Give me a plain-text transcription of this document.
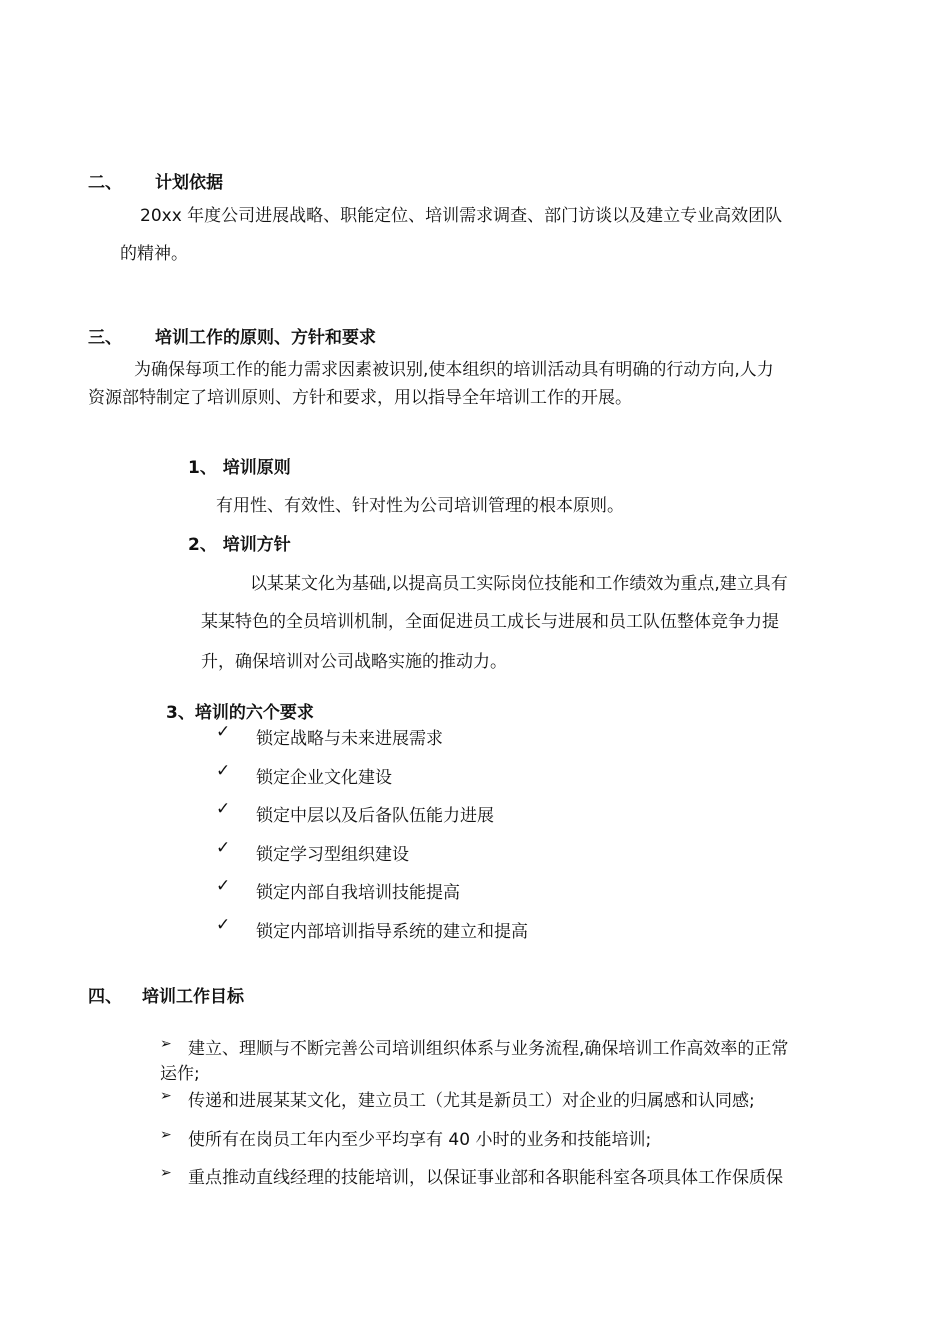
二、 计划依据
20xx 年度公司进展战略、职能定位、培训需求调查、部门访谈以及建立专业高效团队
的精神。
三、 培训工作的原则、方针和要求
为确保每项工作的能力需求因素被识别,使本组织的培训活动具有明确的行动方向,人力
资源部特制定了培训原则、方针和要求，用以指导全年培训工作的开展。
1、 培训原则
有用性、有效性、针对性为公司培训管理的根本原则。
2、 培训方针
以某某文化为基础,以提高员工实际岗位技能和工作绩效为重点,建立具有
某某特色的全员培训机制，全面促进员工成长与进展和员工队伍整体竞争力提
升，确保培训对公司战略实施的推动力。
3、培训的六个要求
✓ 锁定战略与未来进展需求
✓ 锁定企业文化建设
✓ 锁定中层以及后备队伍能力进展
✓ 锁定学习型组织建设
✓ 锁定内部自我培训技能提高
✓ 锁定内部培训指导系统的建立和提高
四、 培训工作目标
➢ 建立、理顺与不断完善公司培训组织体系与业务流程,确保培训工作高效率的正常
运作;
➢ 传递和进展某某文化，建立员工（尤其是新员工）对企业的归属感和认同感;
➢ 使所有在岗员工年内至少平均享有 40 小时的业务和技能培训;
➢ 重点推动直线经理的技能培训，以保证事业部和各职能科室各项具体工作保质保
